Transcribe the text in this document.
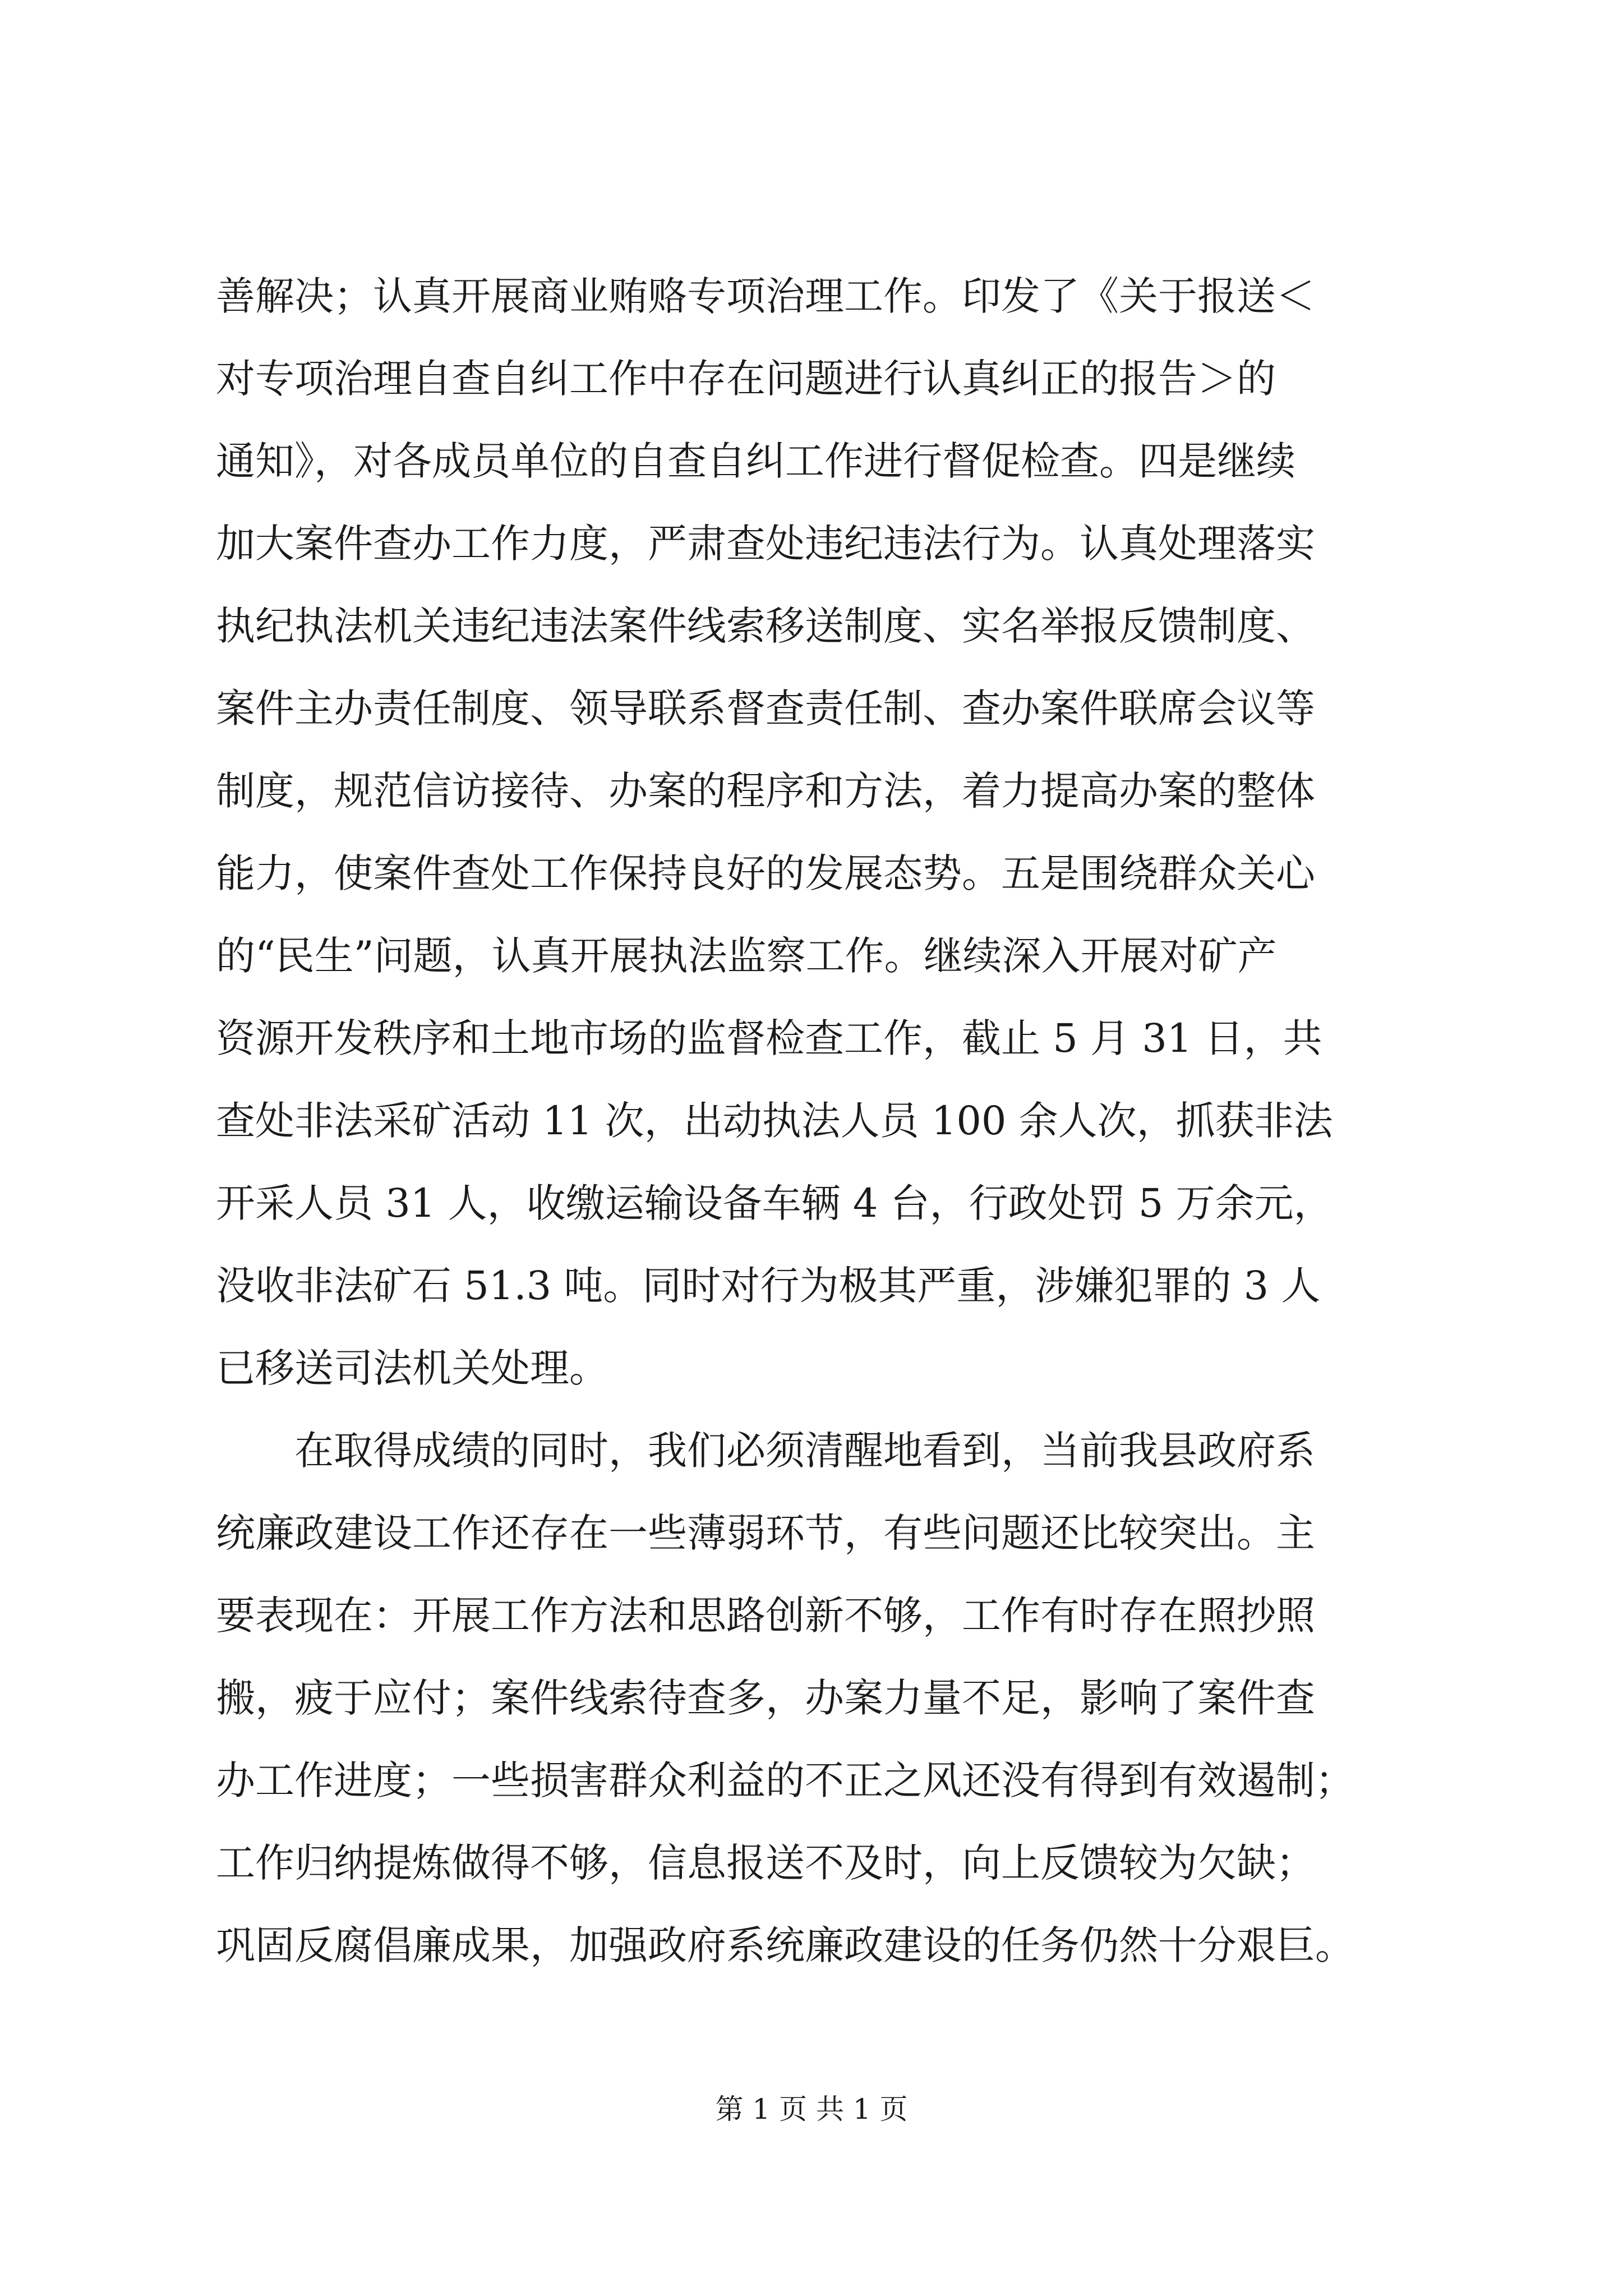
善解决；认真开展商业贿赂专项治理工作。印发了《关于报送＜
对专项治理自查自纠工作中存在问题进行认真纠正的报告＞的
通知》，对各成员单位的自查自纠工作进行督促检查。四是继续
加大案件查办工作力度，严肃查处违纪违法行为。认真处理落实
执纪执法机关违纪违法案件线索移送制度、实名举报反馈制度、
案件主办责任制度、领导联系督查责任制、查办案件联席会议等
制度，规范信访接待、办案的程序和方法，着力提高办案的整体
能力，使案件查处工作保持良好的发展态势。五是围绕群众关心
的“民生”问题，认真开展执法监察工作。继续深入开展对矿产
资源开发秩序和土地市场的监督检查工作，截止 5 月 31 日，共
查处非法采矿活动 11 次，出动执法人员 100 余人次，抓获非法
开采人员 31 人，收缴运输设备车辆 4 台，行政处罚 5 万余元，
没收非法矿石 51.3 吨。同时对行为极其严重，涉嫌犯罪的 3 人
已移送司法机关处理。
　　在取得成绩的同时，我们必须清醒地看到，当前我县政府系
统廉政建设工作还存在一些薄弱环节，有些问题还比较突出。主
要表现在：开展工作方法和思路创新不够，工作有时存在照抄照
搬，疲于应付；案件线索待查多，办案力量不足，影响了案件查
办工作进度；一些损害群众利益的不正之风还没有得到有效遏制；
工作归纳提炼做得不够，信息报送不及时，向上反馈较为欠缺；
巩固反腐倡廉成果，加强政府系统廉政建设的任务仍然十分艰巨。
第 1 页 共 1 页
